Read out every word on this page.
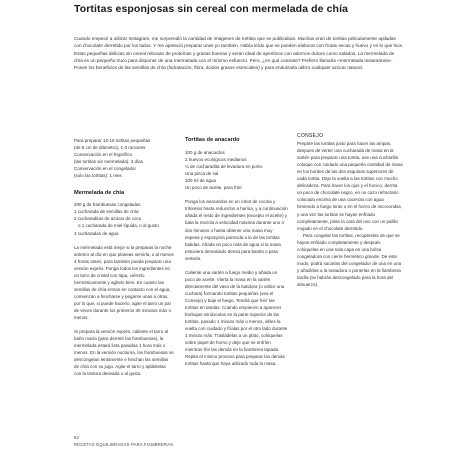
Tortitas esponjosas sin cereal con mermelada de chía

Cuando empecé a utilizar Instagram, me sorprendió la cantidad de imágenes de tortitas que se publicaban. Muchas eran de tortitas peliculamente apiladas con chocolate derretido por los lados. Y me apeteció preparar unas yo también. Había leído que se pueden elaborar con frutas secas y huevo y es lo que hice. Estas pequeñas delicias sin cereal rebosan de proteínas y grasas buenas y serán ideal de aperitivos con adornos dulces como salados. La mermelada de chía es un pequeño truco para disponer de una mermelada con el mínimo esfuerzo. Pero, ¿en qué consiste? Prefiero llamarla «mermelada instantánea». Posee los beneficios de las semillas de chía (hidratación, fibra, ácidos grasos esenciales) y para endulzarla utilizo cualquier azúcar natural.

Para preparar 12-16 tortitas pequeñas
(de 6 cm de diámetro), 1-3 raciones
Conservación en el frigorífico
(las tortitas sin mermelada): 3 días
Conservación en el congelador
(solo las tortitas): 1 mes

Mermelada de chía

200 g de frambuesas congeladas
1 cucharada de semillas de chía
2 cucharaditas de azúcar de coco
o 1 cucharada de miel líquida, o al gusto
4 cucharadas de agua

La mermelada está mejor si la preparas la noche anterior al día en que planeas servirla, o al menos 4 horas antes, para también pueda preparar una versión exprés. Ponga todos los ingredientes en un tarro de cristal con tapa, ciérrelo herméticamente y agítelo bien. En cuanto las semillas de chía entran en contacto con el agua, comienzan a hincharse y pegarse unas a otras, por lo que, si puede hacerlo, agite el tarro un par de veces durante los primeros 30 minutos más o menos.

Si prepara la versión exprés, caliente el tarro al baño maría (para derretir las frambuesas), la mermelada estará lista pasadas 1 hora más o menos. En la versión nocturna, las frambuesas se descongelan lentamente e hinchan las semillas de chía con su jugo. Agite el tarro y aplástelas con la textura deseada o al gusto.

Tortitas de anacardo

100 g de anacardos
2 huevos ecológicos medianos
¼ de cucharadita de levadura en polvo
Una pizca de sal
100 ml de agua
Un poco de aceite, para freír

Ponga los anacardos en un robot de cocina y tritúrelos hasta reducirlos a harina, y a continuación añada el resto de ingredientes (excepto el aceite) y bata la mezcla a velocidad máxima durante uno o dos minutos o hasta obtener una masa muy espesa y esponjosa parecida a la de las tortitas batidas. Añada un poco más de agua si la masa estuviera demasiado densa para batirla o para verterla.

Caliente una sartén a fuego medio y añada un poco de aceite. Vierta la masa en la sartén directamente del vaso de la batidora (o utilice una cuchara) formando tortitas pequeñas (vea el Consejo) y baje el fuego. Tendrá que freír las tortitas en tandas. Cuando empiecen a aparecer burbujas minúsculas en la parte superior de las tortitas, pasado 1 minuto más o menos, déles la vuelta con cuidado y fríalas por el otro lado durante 1 minuto más. Trasládelas a un plato, colóquelas sobre papel de horno y deje que se enfríen mientras fríe las demás en la fiambrera tapada. Repita el mismo proceso para preparar las demás tortitas hasta que haya utilizado toda la masa.

CONSEJO

Prepare las tortitas justo para hacer las ampas, después de verter una cucharada de masa en la sartén para preparar una tortita, use una cucharilla coloque con cuidado una pequeña cantidad de masa en los bordes de las dos esquinas superiores de cada tortita. Deje la vuelta a las tortitas con mucho delicadeza. Para hacer los ojos y el hocico, derrita un poco de chocolate negro, en un cazo refractario colocado encima de una cacerola con agua hirviendo a fuego lento o en el horno de microondas, y una vez las tortitas se hayan enfriado completamente, pinte la cara del oso con un palillo mojado en el chocolate derretido.

Para congelar las tortitas, recupérelas de que se hayan enfriado completamente y después colóquelas en una sola capa en una bolsa congeladora con cierre hermético grande. De este modo, podrá sacarlas del congelador de una en una y añadirlas a la tostadora o ponerlas en la fiambrera tardía (se habrán descongelado para la hora del almuerzo).

62
RECETAS EQUILIBRADAS PARA FIAMBRERAS
